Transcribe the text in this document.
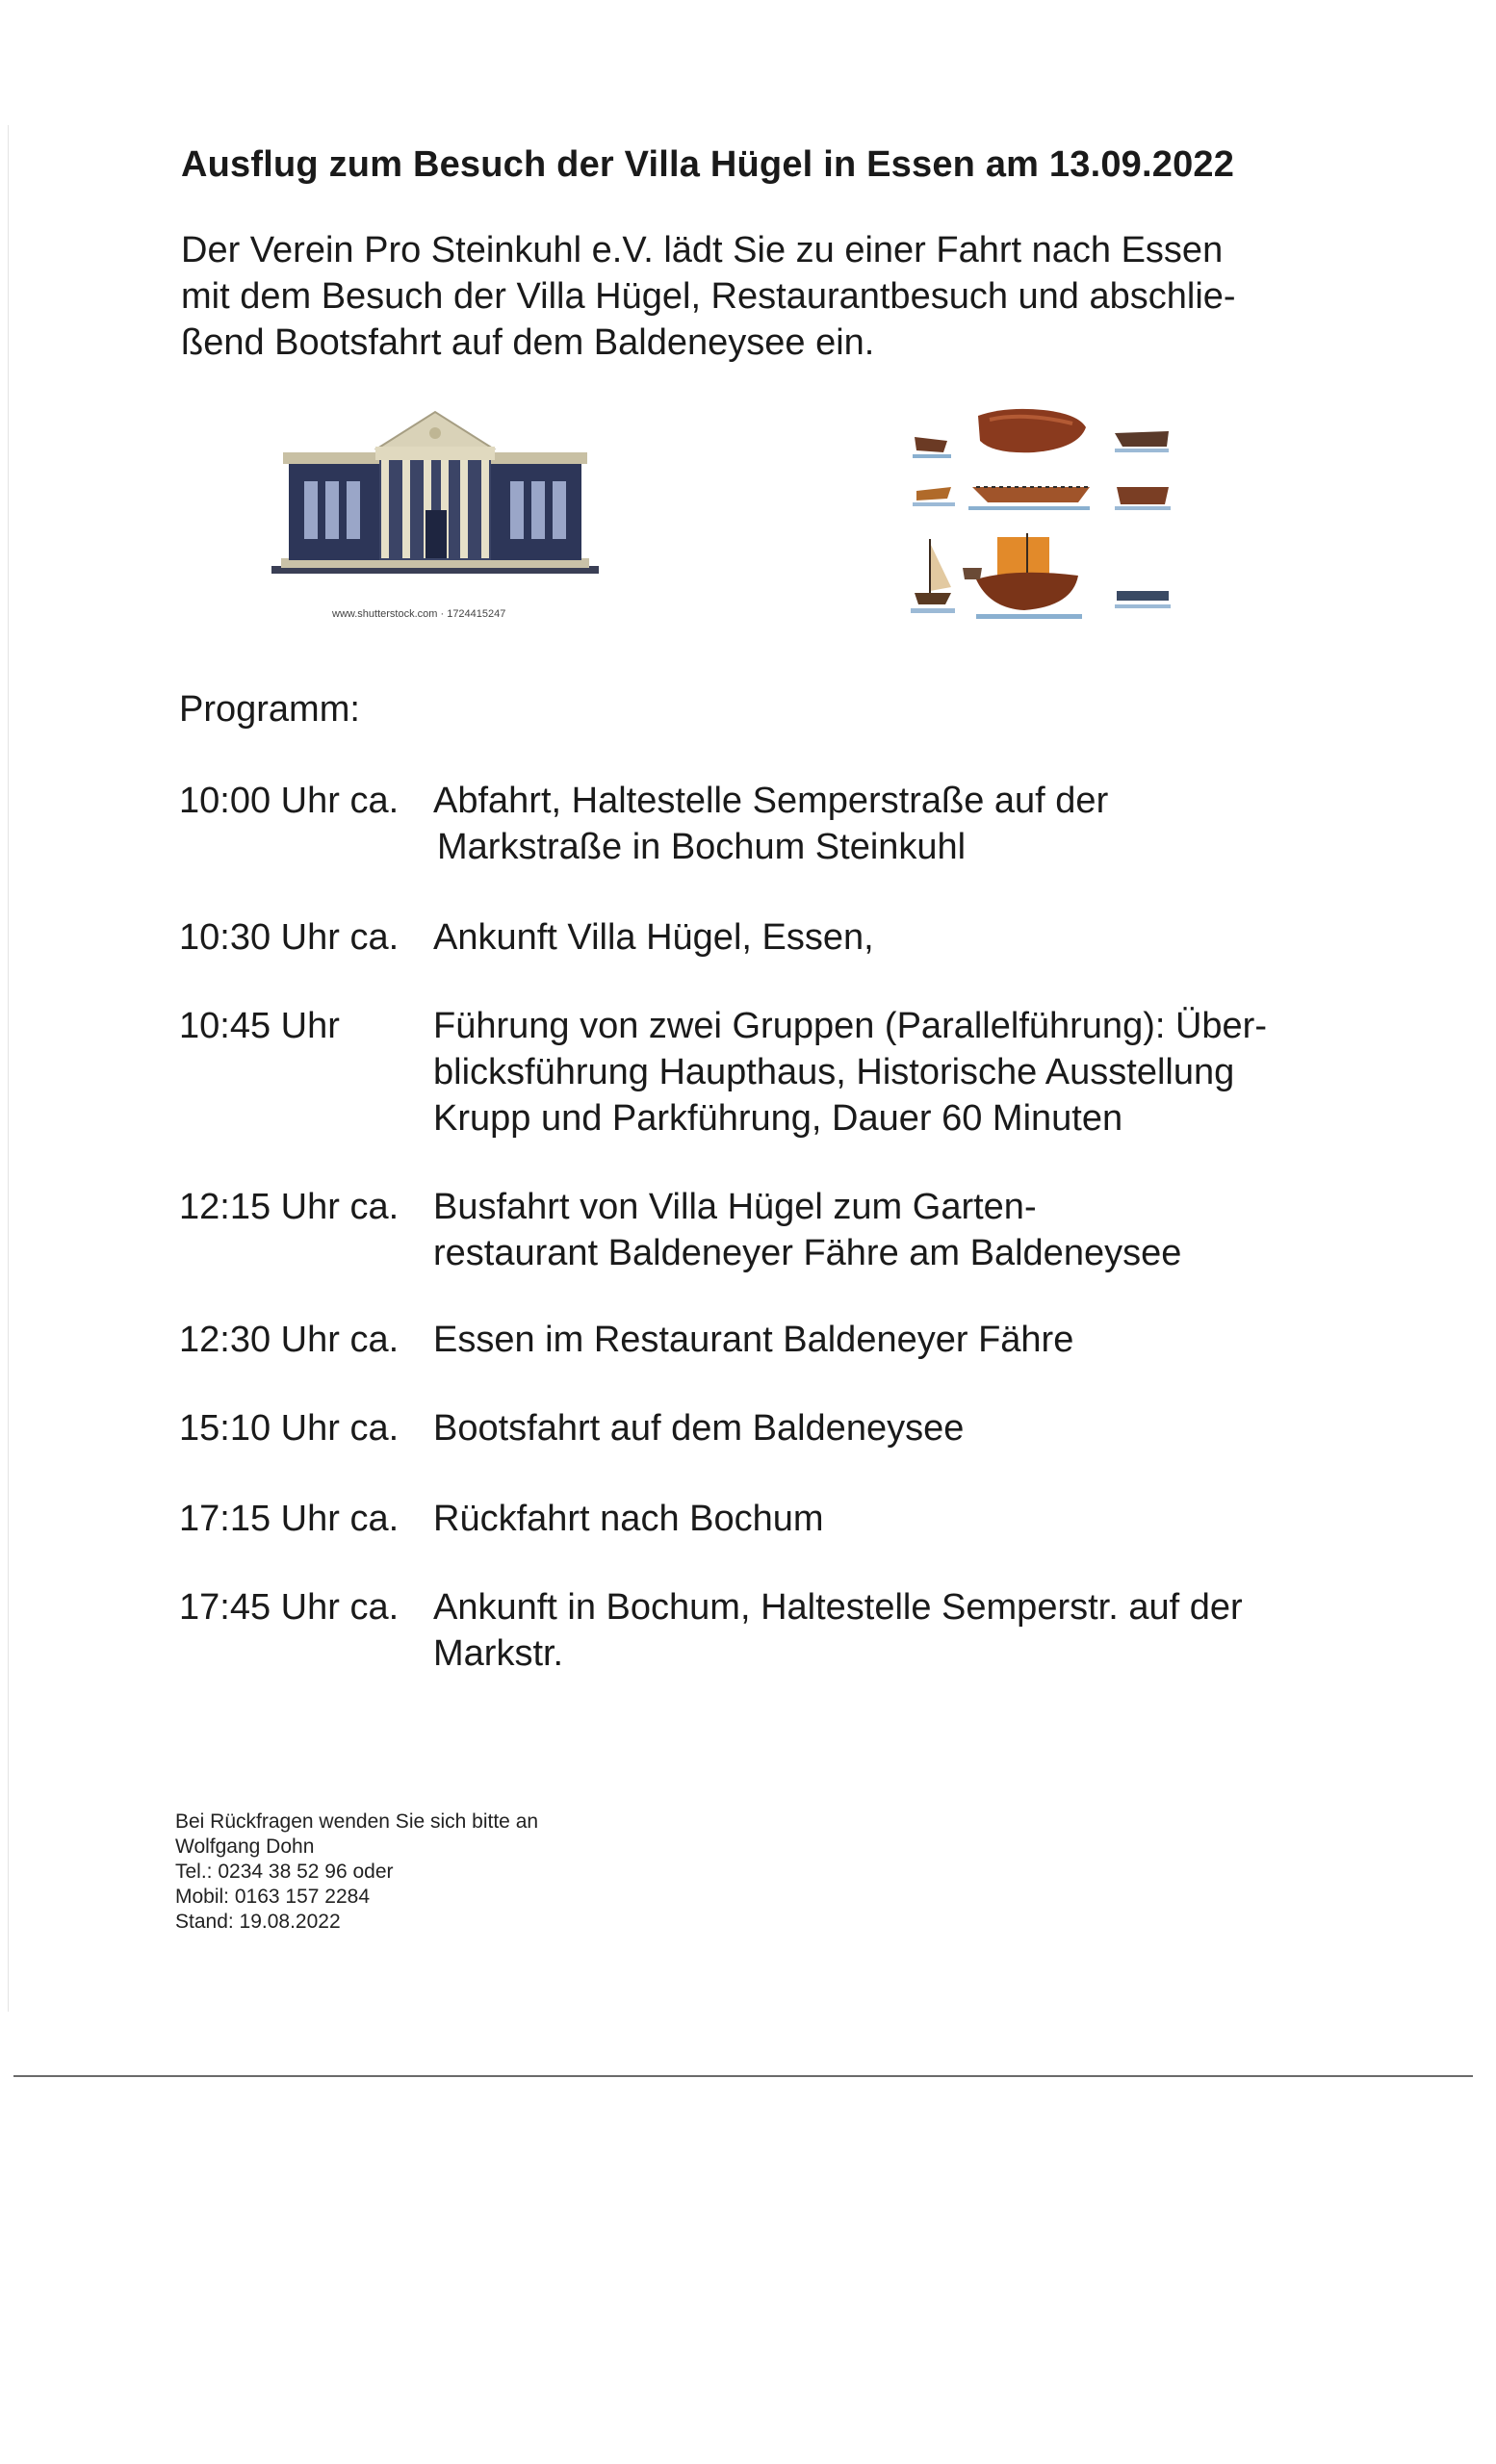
Ausflug zum Besuch der Villa Hügel in Essen am 13.09.2022
Der Verein Pro Steinkuhl e.V. lädt Sie zu einer Fahrt nach Essen
mit dem Besuch der Villa Hügel, Restaurantbesuch und abschlie-
ßend Bootsfahrt auf dem Baldeneysee ein.
www.shutterstock.com · 1724415247
Programm:
10:00 Uhr ca. Abfahrt, Haltestelle Semperstraße auf der
Markstraße in Bochum Steinkuhl
10:30 Uhr ca. Ankunft Villa Hügel, Essen,
10:45 Uhr	Führung von zwei Gruppen (Parallelführung): Über-
blicksführung Haupthaus, Historische Ausstellung
Krupp und Parkführung, Dauer 60 Minuten
12:15 Uhr ca. Busfahrt von Villa Hügel zum Garten-
restaurant Baldeneyer Fähre am Baldeneysee
12:30 Uhr ca. Essen im Restaurant Baldeneyer Fähre
15:10 Uhr ca. Bootsfahrt auf dem Baldeneysee
17:15 Uhr ca. Rückfahrt nach Bochum
17:45 Uhr ca. Ankunft in Bochum, Haltestelle Semperstr. auf der
Markstr.
Bei Rückfragen wenden Sie sich bitte an
Wolfgang Dohn
Tel.: 0234 38 52 96 oder
Mobil: 0163 157 2284
Stand: 19.08.2022
